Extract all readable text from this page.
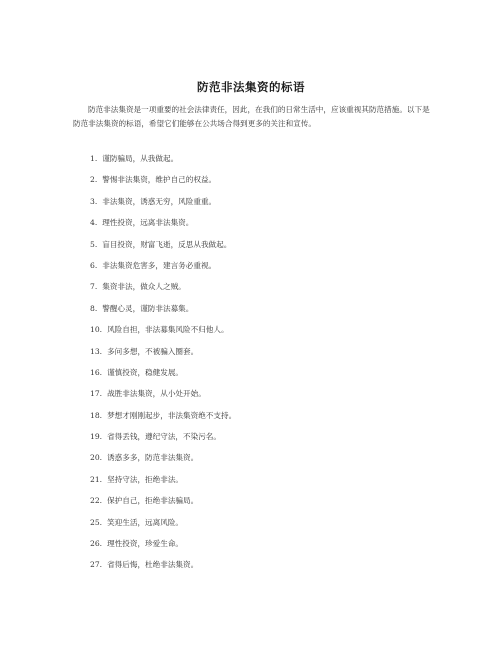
防范非法集资的标语
防范非法集资是一项重要的社会法律责任，因此，在我们的日常生活中，应该重视其防范措施。以下是防范非法集资的标语，希望它们能够在公共场合得到更多的关注和宣传。
1. 谨防骗局，从我做起。
2. 警惕非法集资，维护自己的权益。
3. 非法集资，诱惑无穷，风险重重。
4. 理性投资，远离非法集资。
5. 盲目投资，财富飞逝，反思从我做起。
6. 非法集资危害多，建言务必重视。
7. 集资非法，做众人之贼。
8. 警醒心灵，谨防非法募集。
10. 风险自担，非法募集风险不归他人。
13. 多问多想，不被骗入圈套。
16. 谨慎投资，稳健发展。
17. 战胜非法集资，从小处开始。
18. 梦想才刚刚起步，非法集资绝不支持。
19. 省得丢钱，遵纪守法，不染污名。
20. 诱惑多多，防范非法集资。
21. 坚持守法，拒绝非法。
22. 保护自己，拒绝非法骗局。
25. 笑迎生活，远离风险。
26. 理性投资，珍爱生命。
27. 省得后悔，杜绝非法集资。
